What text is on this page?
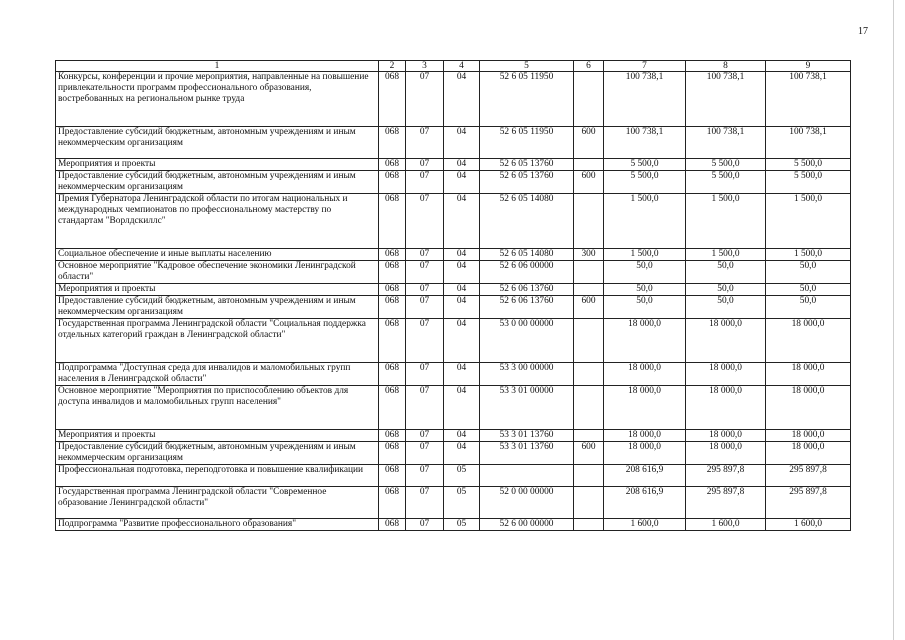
17
1	2	3	4	5	6	7	8	9
Конкурсы, конференции и прочие мероприятия, направленные на повышение привлекательности программ профессионального образования, востребованных на региональном рынке труда	068	07	04	52 6 05 11950		100 738,1	100 738,1	100 738,1
Предоставление субсидий бюджетным, автономным учреждениям и иным некоммерческим организациям	068	07	04	52 6 05 11950	600	100 738,1	100 738,1	100 738,1
Мероприятия и проекты	068	07	04	52 6 05 13760		5 500,0	5 500,0	5 500,0
Предоставление субсидий бюджетным, автономным учреждениям и иным некоммерческим организациям	068	07	04	52 6 05 13760	600	5 500,0	5 500,0	5 500,0
Премия Губернатора Ленинградской области по итогам национальных и международных чемпионатов по профессиональному мастерству по стандартам "Ворлдскиллс"	068	07	04	52 6 05 14080		1 500,0	1 500,0	1 500,0
Социальное обеспечение и иные выплаты населению	068	07	04	52 6 05 14080	300	1 500,0	1 500,0	1 500,0
Основное мероприятие "Кадровое обеспечение экономики Ленинградской области"	068	07	04	52 6 06 00000		50,0	50,0	50,0
Мероприятия и проекты	068	07	04	52 6 06 13760		50,0	50,0	50,0
Предоставление субсидий бюджетным, автономным учреждениям и иным некоммерческим организациям	068	07	04	52 6 06 13760	600	50,0	50,0	50,0
Государственная программа Ленинградской области "Социальная поддержка отдельных категорий граждан в Ленинградской области"	068	07	04	53 0 00 00000		18 000,0	18 000,0	18 000,0
Подпрограмма "Доступная среда для инвалидов и маломобильных групп населения в Ленинградской области"	068	07	04	53 3 00 00000		18 000,0	18 000,0	18 000,0
Основное мероприятие "Мероприятия по приспособлению объектов для доступа инвалидов и маломобильных групп населения"	068	07	04	53 3 01 00000		18 000,0	18 000,0	18 000,0
Мероприятия и проекты	068	07	04	53 3 01 13760		18 000,0	18 000,0	18 000,0
Предоставление субсидий бюджетным, автономным учреждениям и иным некоммерческим организациям	068	07	04	53 3 01 13760	600	18 000,0	18 000,0	18 000,0
Профессиональная подготовка, переподготовка и повышение квалификации	068	07	05			208 616,9	295 897,8	295 897,8
Государственная программа Ленинградской области "Современное образование Ленинградской области"	068	07	05	52 0 00 00000		208 616,9	295 897,8	295 897,8
Подпрограмма "Развитие профессионального образования"	068	07	05	52 6 00 00000		1 600,0	1 600,0	1 600,0
